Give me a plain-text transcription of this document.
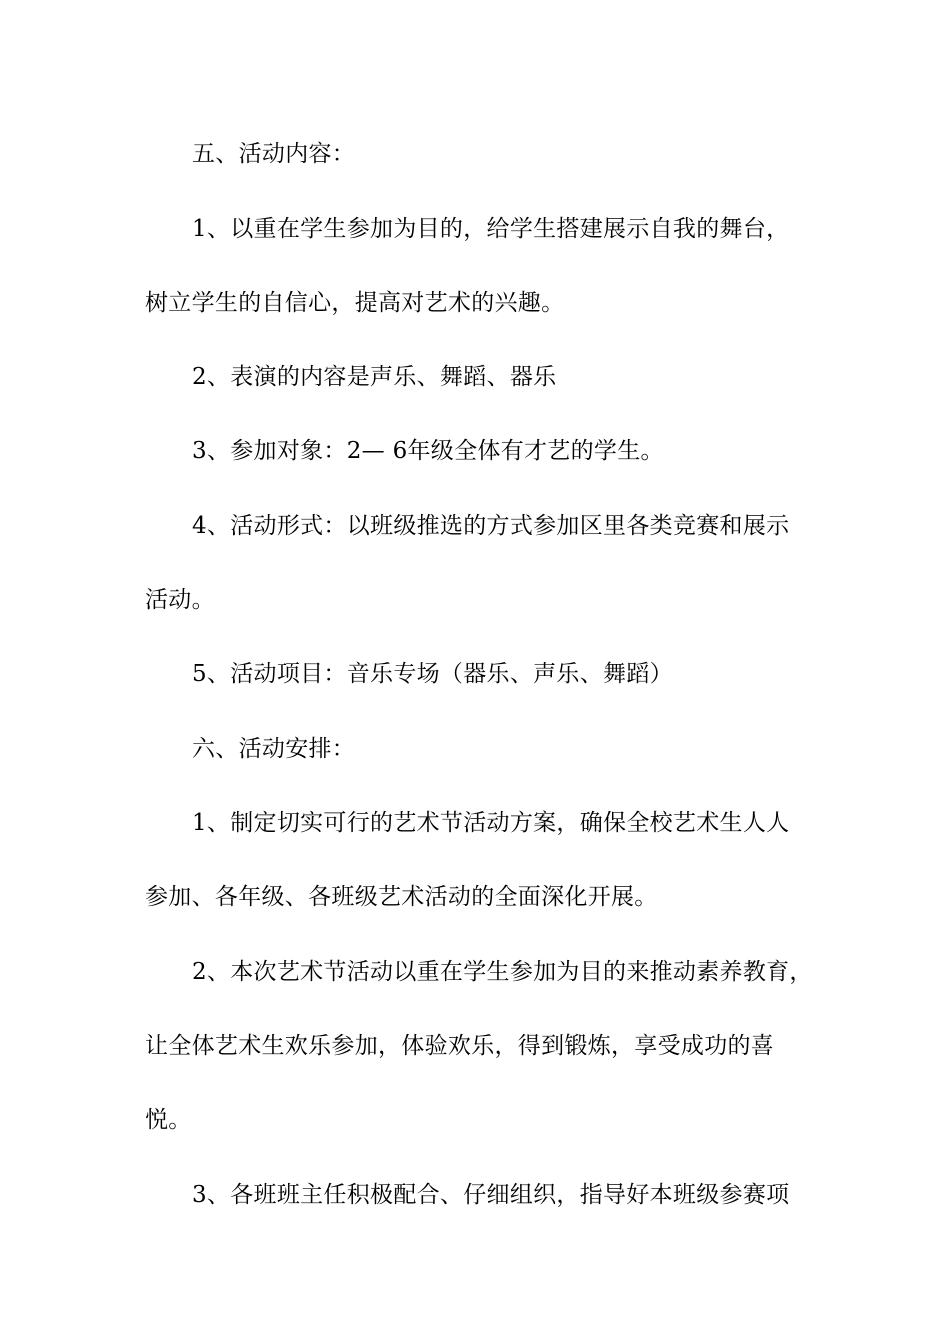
五、活动内容：
1、以重在学生参加为目的，给学生搭建展示自我的舞台，
树立学生的自信心，提高对艺术的兴趣。
2、表演的内容是声乐、舞蹈、器乐
3、参加对象：2— 6年级全体有才艺的学生。
4、活动形式：以班级推选的方式参加区里各类竞赛和展示
活动。
5、活动项目：音乐专场（器乐、声乐、舞蹈）
六、活动安排：
1、制定切实可行的艺术节活动方案，确保全校艺术生人人
参加、各年级、各班级艺术活动的全面深化开展。
2、本次艺术节活动以重在学生参加为目的来推动素养教育，
让全体艺术生欢乐参加，体验欢乐，得到锻炼，享受成功的喜
悦。
3、各班班主任积极配合、仔细组织，指导好本班级参赛项
